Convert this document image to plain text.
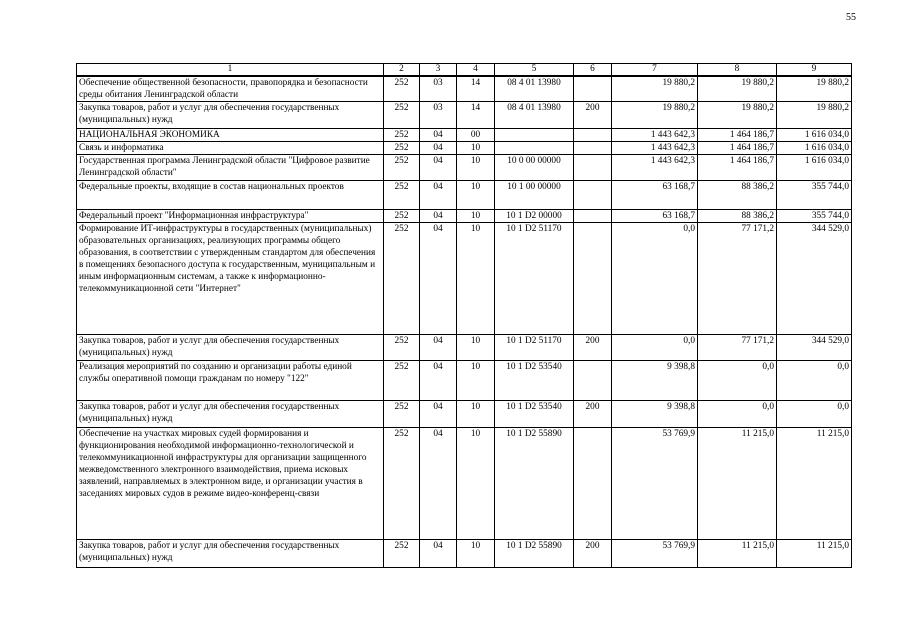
55
1	2	3	4	5	6	7	8	9
Обеспечение общественной безопасности, правопорядка и безопасности среды обитания Ленинградской области	252	03	14	08 4 01 13980		19 880,2	19 880,2	19 880,2
Закупка товаров, работ и услуг для обеспечения государственных (муниципальных) нужд	252	03	14	08 4 01 13980	200	19 880,2	19 880,2	19 880,2
НАЦИОНАЛЬНАЯ ЭКОНОМИКА	252	04	00			1 443 642,3	1 464 186,7	1 616 034,0
Связь и информатика	252	04	10			1 443 642,3	1 464 186,7	1 616 034,0
Государственная программа Ленинградской области "Цифровое развитие Ленинградской области"	252	04	10	10 0 00 00000		1 443 642,3	1 464 186,7	1 616 034,0
Федеральные проекты, входящие в состав национальных проектов	252	04	10	10 1 00 00000		63 168,7	88 386,2	355 744,0
Федеральный проект "Информационная инфраструктура"	252	04	10	10 1 D2 00000		63 168,7	88 386,2	355 744,0
Формирование ИТ-инфраструктуры в государственных (муниципальных) образовательных организациях, реализующих программы общего образования, в соответствии с утвержденным стандартом для обеспечения в помещениях безопасного доступа к государственным, муниципальным и иным информационным системам, а также к информационно-телекоммуникационной сети "Интернет"	252	04	10	10 1 D2 51170		0,0	77 171,2	344 529,0
Закупка товаров, работ и услуг для обеспечения государственных (муниципальных) нужд	252	04	10	10 1 D2 51170	200	0,0	77 171,2	344 529,0
Реализация мероприятий по созданию и организации работы единой службы оперативной помощи гражданам по номеру "122"	252	04	10	10 1 D2 53540		9 398,8	0,0	0,0
Закупка товаров, работ и услуг для обеспечения государственных (муниципальных) нужд	252	04	10	10 1 D2 53540	200	9 398,8	0,0	0,0
Обеспечение на участках мировых судей формирования и функционирования необходимой информационно-технологической и телекоммуникационной инфраструктуры для организации защищенного межведомственного электронного взаимодействия, приема исковых заявлений, направляемых в электронном виде, и организации участия в заседаниях мировых судов в режиме видео-конференц-связи	252	04	10	10 1 D2 55890		53 769,9	11 215,0	11 215,0
Закупка товаров, работ и услуг для обеспечения государственных (муниципальных) нужд	252	04	10	10 1 D2 55890	200	53 769,9	11 215,0	11 215,0
